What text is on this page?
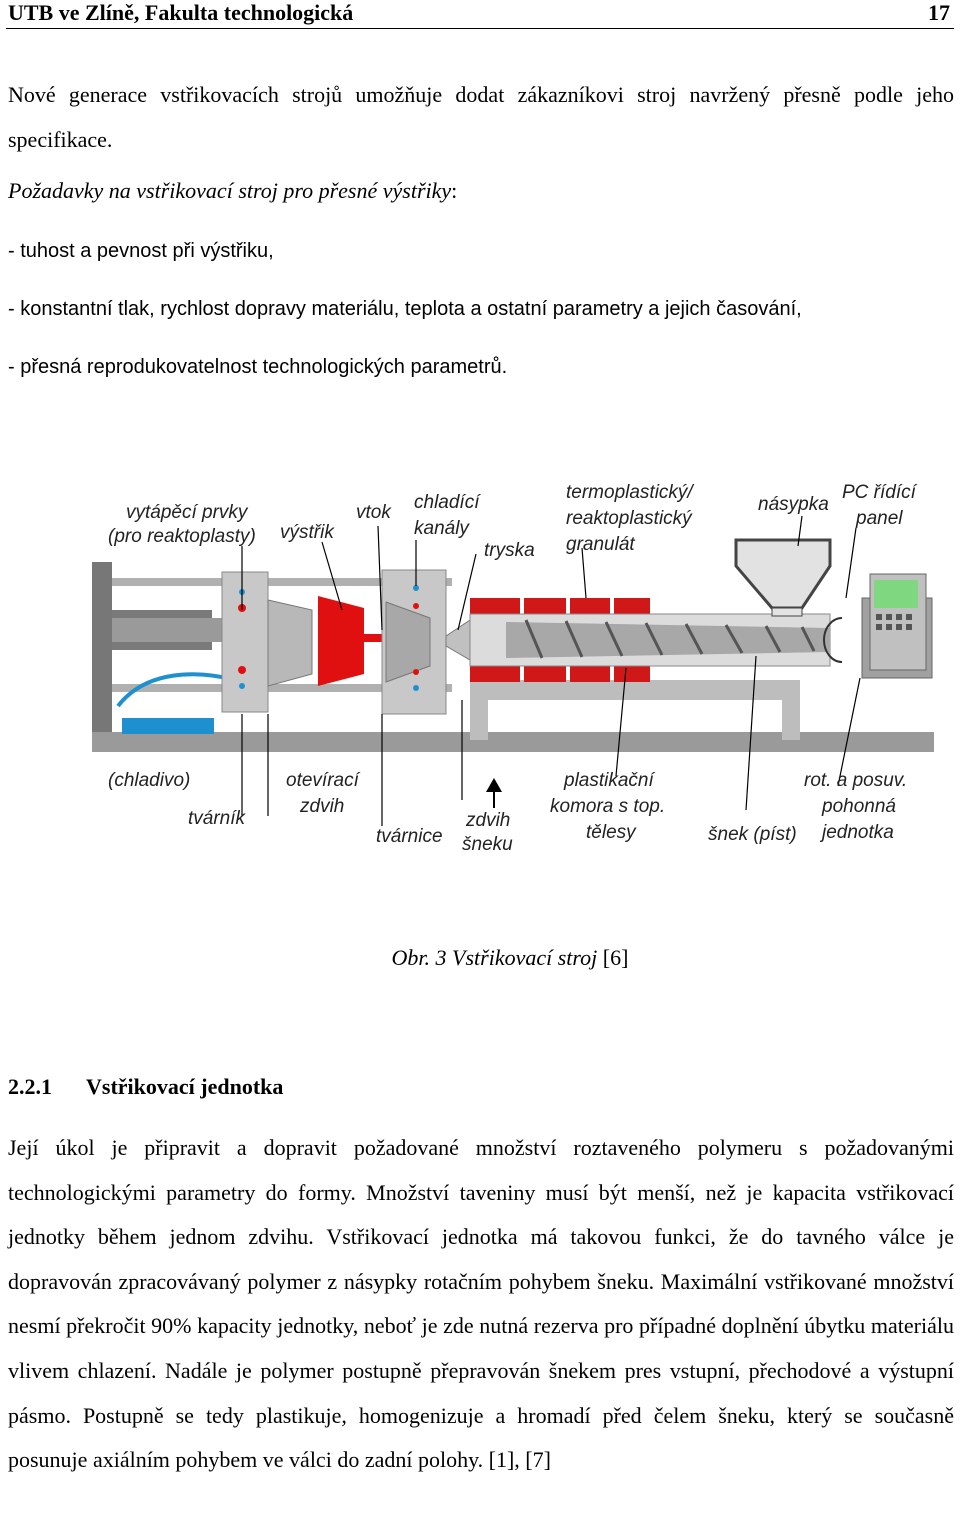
UTB ve Zlíně, Fakulta technologická	17
Nové generace vstřikovacích strojů umožňuje dodat zákazníkovi stroj navržený přesně podle jeho specifikace.
Požadavky na vstřikovací stroj pro přesné výstřiky:
- tuhost a pevnost při výstřiku,
- konstantní tlak, rychlost dopravy materiálu, teplota a ostatní parametry a jejich časování,
- přesná reprodukovatelnost technologických parametrů.
vytápěcí prvky
(pro reaktoplasty) výstřik
vtok chladící
kanály
tryska
termoplastický/
reaktoplastický
granulát
násypka
PC řídící
panel
(chladivo)
tvárník
otevírací
zdvih
tvárnice
zdvih
šneku
plastikační
komora s top.
tělesy	šnek (píst)
rot. a posuv.
pohonná
jednotka
Obr. 3 Vstřikovací stroj [6]
2.2.1 Vstřikovací jednotka
Její úkol je připravit a dopravit požadované množství roztaveného polymeru s požadovanými technologickými parametry do formy. Množství taveniny musí být menší, než je kapacita vstřikovací jednotky během jednom zdvihu. Vstřikovací jednotka má takovou funkci, že do tavného válce je dopravován zpracovávaný polymer z násypky rotačním pohybem šneku. Maximální vstřikované množství nesmí překročit 90% kapacity jednotky, neboť je zde nutná rezerva pro případné doplnění úbytku materiálu vlivem chlazení. Nadále je polymer postupně přepravován šnekem pres vstupní, přechodové a výstupní pásmo. Postupně se tedy plastikuje, homogenizuje a hromadí před čelem šneku, který se současně posunuje axiálním pohybem ve válci do zadní polohy. [1], [7]
